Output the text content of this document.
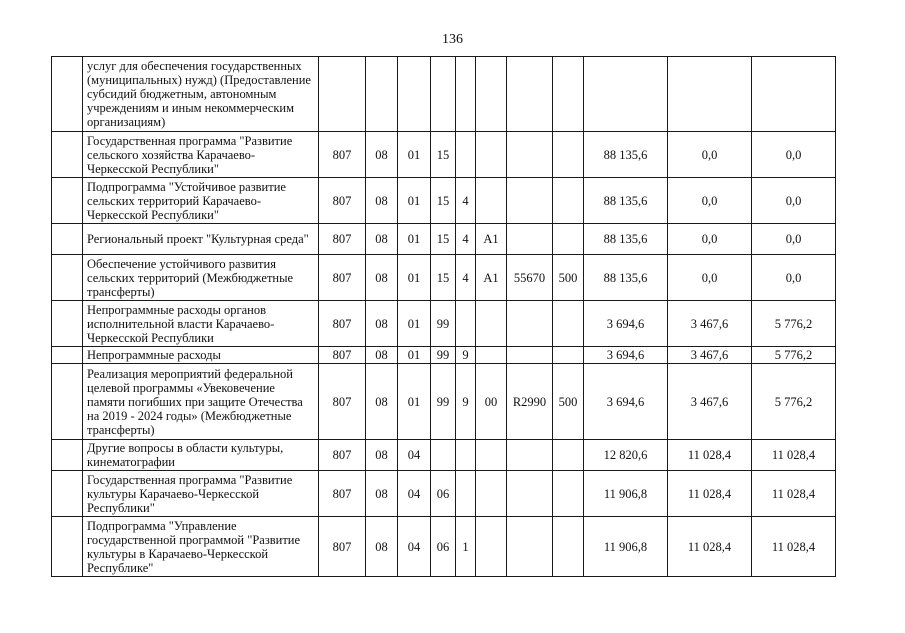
136
	услуг для обеспечения государственных (муниципальных) нужд) (Предоставление субсидий бюджетным, автономным учреждениям и иным некоммерческим организациям)											
	Государственная программа "Развитие сельского хозяйства Карачаево-Черкесской Республики"	807	08	01	15					88 135,6	0,0	0,0
	Подпрограмма "Устойчивое развитие сельских территорий Карачаево-Черкесской Республики"	807	08	01	15	4				88 135,6	0,0	0,0
	Региональный проект "Культурная среда"	807	08	01	15	4	А1			88 135,6	0,0	0,0
	Обеспечение устойчивого развития сельских территорий (Межбюджетные трансферты)	807	08	01	15	4	А1	55670	500	88 135,6	0,0	0,0
	Непрограммные расходы органов исполнительной власти Карачаево-Черкесской Республики	807	08	01	99					3 694,6	3 467,6	5 776,2
	Непрограммные расходы	807	08	01	99	9				3 694,6	3 467,6	5 776,2
	Реализация мероприятий федеральной целевой программы «Увековечение памяти погибших при защите Отечества на 2019 - 2024 годы» (Межбюджетные трансферты)	807	08	01	99	9	00	R2990	500	3 694,6	3 467,6	5 776,2
	Другие вопросы в области культуры, кинематографии	807	08	04						12 820,6	11 028,4	11 028,4
	Государственная программа "Развитие культуры Карачаево-Черкесской Республики"	807	08	04	06					11 906,8	11 028,4	11 028,4
	Подпрограмма "Управление государственной программой "Развитие культуры в Карачаево-Черкесской Республике"	807	08	04	06	1				11 906,8	11 028,4	11 028,4
